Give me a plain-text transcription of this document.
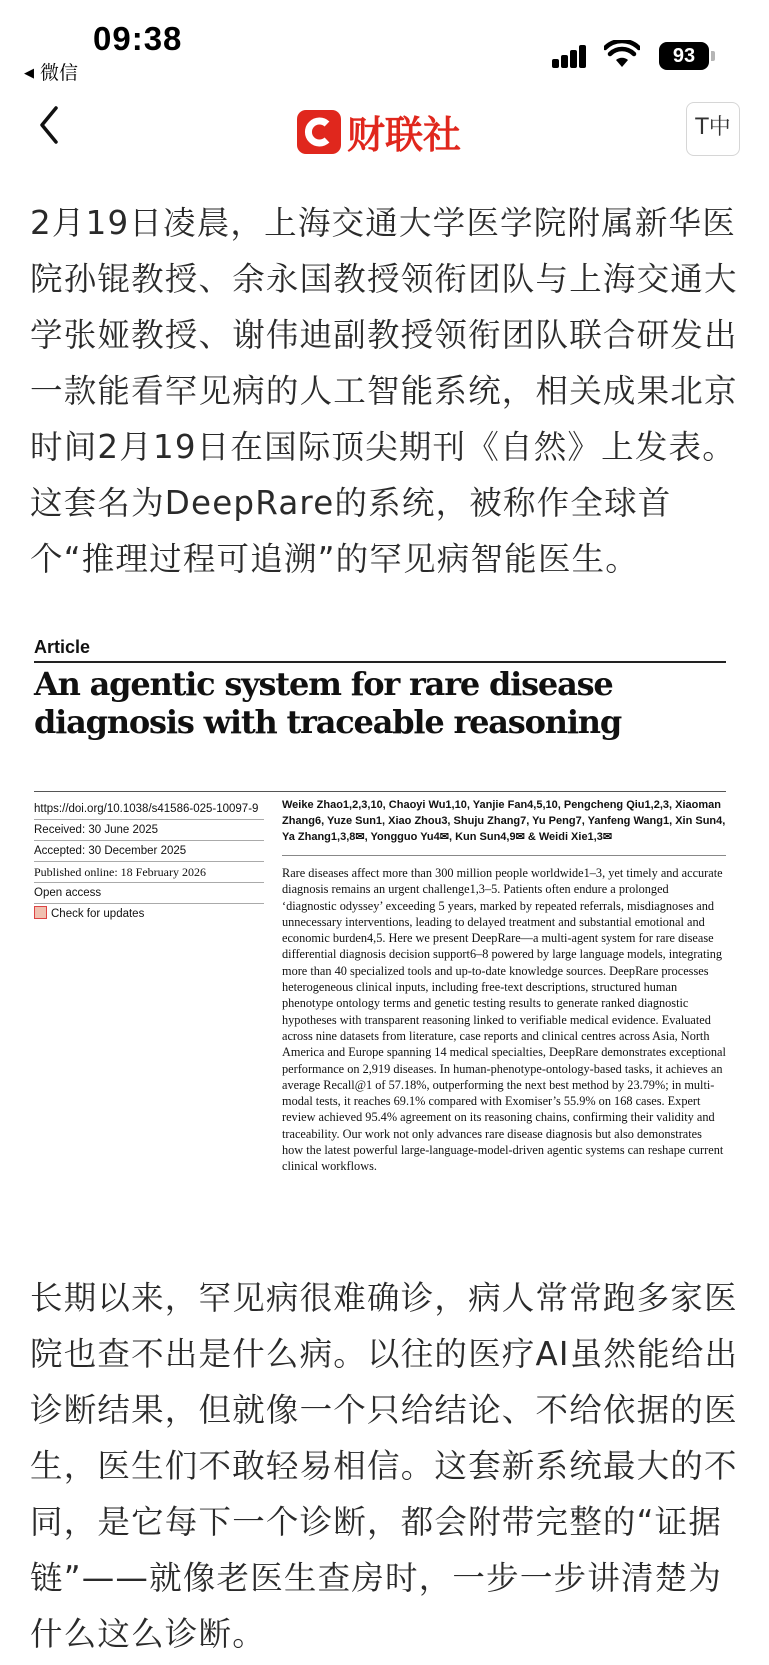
09:38
◀ 微信
93
财联社	T中
2月19日凌晨，上海交通大学医学院附属新华医院孙锟教授、余永国教授领衔团队与上海交通大学张娅教授、谢伟迪副教授领衔团队联合研发出一款能看罕见病的人工智能系统，相关成果北京时间2月19日在国际顶尖期刊《自然》上发表。这套名为DeepRare的系统，被称作全球首个“推理过程可追溯”的罕见病智能医生。
Article
An agentic system for rare disease diagnosis with traceable reasoning
https://doi.org/10.1038/s41586-025-10097-9
Received: 30 June 2025
Accepted: 30 December 2025
Published online: 18 February 2026
Open access
Check for updates
Weike Zhao1,2,3,10, Chaoyi Wu1,10, Yanjie Fan4,5,10, Pengcheng Qiu1,2,3, Xiaoman Zhang6, Yuze Sun1, Xiao Zhou3, Shuju Zhang7, Yu Peng7, Yanfeng Wang1, Xin Sun4, Ya Zhang1,3,8✉, Yongguo Yu4✉, Kun Sun4,9✉ & Weidi Xie1,3✉
Rare diseases affect more than 300 million people worldwide1–3, yet timely and accurate diagnosis remains an urgent challenge1,3–5. Patients often endure a prolonged ‘diagnostic odyssey’ exceeding 5 years, marked by repeated referrals, misdiagnoses and unnecessary interventions, leading to delayed treatment and substantial emotional and economic burden4,5. Here we present DeepRare—a multi-agent system for rare disease differential diagnosis decision support6–8 powered by large language models, integrating more than 40 specialized tools and up-to-date knowledge sources. DeepRare processes heterogeneous clinical inputs, including free-text descriptions, structured human phenotype ontology terms and genetic testing results to generate ranked diagnostic hypotheses with transparent reasoning linked to verifiable medical evidence. Evaluated across nine datasets from literature, case reports and clinical centres across Asia, North America and Europe spanning 14 medical specialties, DeepRare demonstrates exceptional performance on 2,919 diseases. In human-phenotype-ontology-based tasks, it achieves an average Recall@1 of 57.18%, outperforming the next best method by 23.79%; in multi-modal tests, it reaches 69.1% compared with Exomiser’s 55.9% on 168 cases. Expert review achieved 95.4% agreement on its reasoning chains, confirming their validity and traceability. Our work not only advances rare disease diagnosis but also demonstrates how the latest powerful large-language-model-driven agentic systems can reshape current clinical workflows.
长期以来，罕见病很难确诊，病人常常跑多家医院也查不出是什么病。以往的医疗AI虽然能给出诊断结果，但就像一个只给结论、不给依据的医生，医生们不敢轻易相信。这套新系统最大的不同，是它每下一个诊断，都会附带完整的“证据链”——就像老医生查房时，一步一步讲清楚为什么这么诊断。
